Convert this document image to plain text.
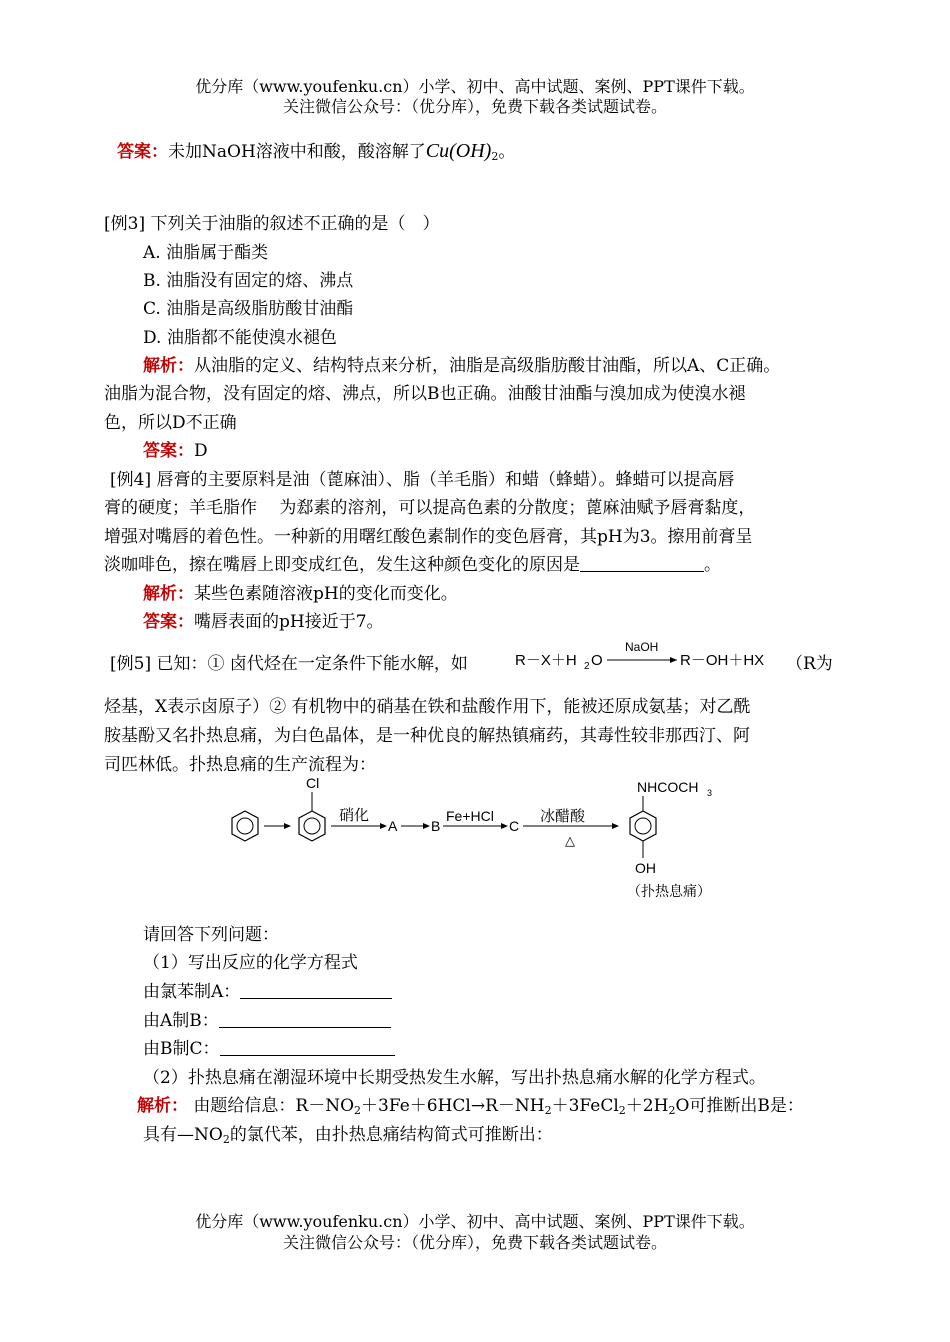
优分库（www.youfenku.cn）小学、初中、高中试题、案例、PPT课件下载。
关注微信公众号：（优分库），免费下载各类试题试卷。
答案：未加NaOH溶液中和酸，酸溶解了$Cu(OH)_2$。
[例3] 下列关于油脂的叙述不正确的是（　）
A. 油脂属于酯类
B. 油脂没有固定的熔、沸点
C. 油脂是高级脂肪酸甘油酯
D. 油脂都不能使溴水褪色
解析：从油脂的定义、结构特点来分析，油脂是高级脂肪酸甘油酯，所以A、C正确。
油脂为混合物，没有固定的熔、沸点，所以B也正确。油酸甘油酯与溴加成为使溴水褪
色，所以D不正确
答案：D
[例4] 唇膏的主要原料是油（蓖麻油）、脂（羊毛脂）和蜡（蜂蜡）。蜂蜡可以提高唇
膏的硬度；羊毛脂作　 为郄素的溶剂，可以提高色素的分散度；蓖麻油赋予唇膏黏度，
增强对嘴唇的着色性。一种新的用曙红酸色素制作的变色唇膏，其pH为3。擦用前膏呈
淡咖啡色，擦在嘴唇上即变成红色，发生这种颜色变化的原因是	。
解析：某些色素随溶液pH的变化而变化。
答案：嘴唇表面的pH接近于7。
[例5] 已知：① 卤代烃在一定条件下能水解，如	R－X＋H 2 O
NaOH
R－OH＋HX （R为
烃基，X表示卤原子）② 有机物中的硝基在铁和盐酸作用下，能被还原成氨基；对乙酰
胺基酚又名扑热息痛，为白色晶体，是一种优良的解热镇痛药，其毒性较非那西汀、阿
司匹林低。扑热息痛的生产流程为：
Cl
硝化
A B
Fe+HCl
C
冰醋酸
△
NHCOCH 3
OH
（扑热息痛）
请回答下列问题：
（1）写出反应的化学方程式
由氯苯制A：
由A制B：
由B制C：
（2）扑热息痛在潮湿环境中长期受热发生水解，写出扑热息痛水解的化学方程式。
解析： 由题给信息：$R-NO_2+3Fe+6HCl\to R-NH_2+3FeCl_2+2H_2O$可推断出B是：
具有$—NO_2$的氯代苯，由扑热息痛结构简式可推断出：
优分库（www.youfenku.cn）小学、初中、高中试题、案例、PPT课件下载。
关注微信公众号：（优分库），免费下载各类试题试卷。
